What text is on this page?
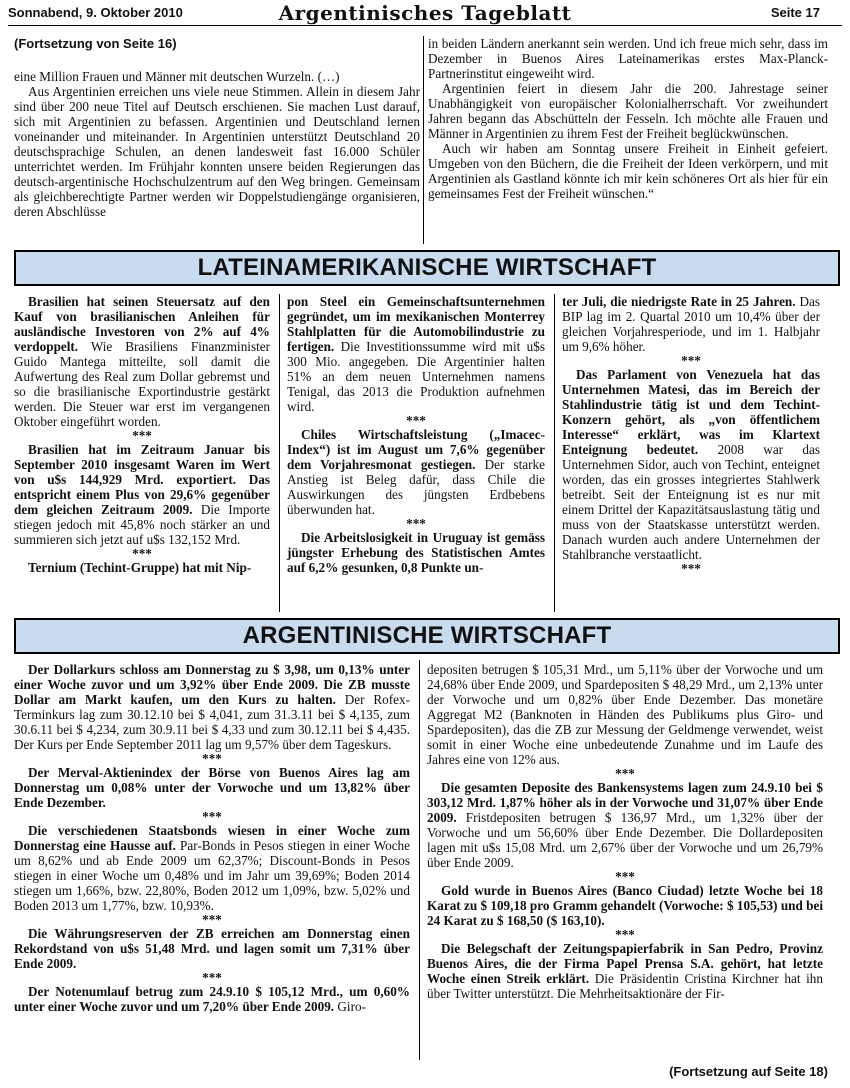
Sonnabend, 9. Oktober 2010	Argentinisches Tageblatt	Seite 17
(Fortsetzung von Seite 16)

eine Million Frauen und Männer mit deutschen Wurzeln. (…)

Aus Argentinien erreichen uns viele neue Stimmen. Allein in diesem Jahr sind über 200 neue Titel auf Deutsch erschienen. Sie machen Lust darauf, sich mit Argentinien zu befassen. Argentinien und Deutschland lernen voneinander und miteinander. In Argentinien unterstützt Deutschland 20 deutschsprachige Schulen, an denen landesweit fast 16.000 Schüler unterrichtet werden. Im Frühjahr konnten unsere beiden Regierungen das deutsch-argentinische Hochschulzentrum auf den Weg bringen. Gemeinsam als gleichberechtigte Partner werden wir Doppelstudiengänge organisieren, deren Abschlüsse

in beiden Ländern anerkannt sein werden. Und ich freue mich sehr, dass im Dezember in Buenos Aires Lateinamerikas erstes Max-Planck-Partnerinstitut eingeweiht wird.

Argentinien feiert in diesem Jahr die 200. Jahrestage seiner Unabhängigkeit von europäischer Kolonialherrschaft. Vor zweihundert Jahren begann das Abschütteln der Fesseln. Ich möchte alle Frauen und Männer in Argentinien zu ihrem Fest der Freiheit beglückwünschen.

Auch wir haben am Sonntag unsere Freiheit in Einheit gefeiert. Umgeben von den Büchern, die die Freiheit der Ideen verkörpern, und mit Argentinien als Gastland könnte ich mir kein schöneres Ort als hier für ein gemeinsames Fest der Freiheit wünschen.“

LATEINAMERIKANISCHE WIRTSCHAFT

Brasilien hat seinen Steuersatz auf den Kauf von brasilianischen Anleihen für ausländische Investoren von 2% auf 4% verdoppelt. Wie Brasiliens Finanzminister Guido Mantega mitteilte, soll damit die Aufwertung des Real zum Dollar gebremst und so die brasilianische Exportindustrie gestärkt werden. Die Steuer war erst im vergangenen Oktober eingeführt worden.

***

Brasilien hat im Zeitraum Januar bis September 2010 insgesamt Waren im Wert von u$s 144,929 Mrd. exportiert. Das entspricht einem Plus von 29,6% gegenüber dem gleichen Zeitraum 2009. Die Importe stiegen jedoch mit 45,8% noch stärker an und summieren sich jetzt auf u$s 132,152 Mrd.

***

Ternium (Techint-Gruppe) hat mit Nip-

pon Steel ein Gemeinschaftsunternehmen gegründet, um im mexikanischen Monterrey Stahlplatten für die Automobilindustrie zu fertigen. Die Investitionssumme wird mit u$s 300 Mio. angegeben. Die Argentinier halten 51% an dem neuen Unternehmen namens Tenigal, das 2013 die Produktion aufnehmen wird.

***

Chiles Wirtschaftsleistung („Imacec-Index“) ist im August um 7,6% gegenüber dem Vorjahresmonat gestiegen. Der starke Anstieg ist Beleg dafür, dass Chile die Auswirkungen des jüngsten Erdbebens überwunden hat.

***

Die Arbeitslosigkeit in Uruguay ist gemäss jüngster Erhebung des Statistischen Amtes auf 6,2% gesunken, 0,8 Punkte un-

ter Juli, die niedrigste Rate in 25 Jahren. Das BIP lag im 2. Quartal 2010 um 10,4% über der gleichen Vorjahresperiode, und im 1. Halbjahr um 9,6% höher.

***

Das Parlament von Venezuela hat das Unternehmen Matesi, das im Bereich der Stahlindustrie tätig ist und dem Techint-Konzern gehört, als „von öffentlichem Interesse“ erklärt, was im Klartext Enteignung bedeutet. 2008 war das Unternehmen Sidor, auch von Techint, enteignet worden, das ein grosses integriertes Stahlwerk betreibt. Seit der Enteignung ist es nur mit einem Drittel der Kapazitätsauslastung tätig und muss von der Staatskasse unterstützt werden. Danach wurden auch andere Unternehmen der Stahlbranche verstaatlicht.

***
ARGENTINISCHE WIRTSCHAFT

Der Dollarkurs schloss am Donnerstag zu $ 3,98, um 0,13% unter einer Woche zuvor und um 3,92% über Ende 2009. Die ZB musste Dollar am Markt kaufen, um den Kurs zu halten. Der Rofex-Terminkurs lag zum 30.12.10 bei $ 4,041, zum 31.3.11 bei $ 4,135, zum 30.6.11 bei $ 4,234, zum 30.9.11 bei $ 4,33 und zum 30.12.11 bei $ 4,435. Der Kurs per Ende September 2011 lag um 9,57% über dem Tageskurs.

***

Der Merval-Aktienindex der Börse von Buenos Aires lag am Donnerstag um 0,08% unter der Vorwoche und um 13,82% über Ende Dezember.

***

Die verschiedenen Staatsbonds wiesen in einer Woche zum Donnerstag eine Hausse auf. Par-Bonds in Pesos stiegen in einer Woche um 8,62% und ab Ende 2009 um 62,37%; Discount-Bonds in Pesos stiegen in einer Woche um 0,48% und im Jahr um 39,69%; Boden 2014 stiegen um 1,66%, bzw. 22,80%, Boden 2012 um 1,09%, bzw. 5,02% und Boden 2013 um 1,77%, bzw. 10,93%.

***

Die Währungsreserven der ZB erreichen am Donnerstag einen Rekordstand von u$s 51,48 Mrd. und lagen somit um 7,31% über Ende 2009.

***

Der Notenumlauf betrug zum 24.9.10 $ 105,12 Mrd., um 0,60% unter einer Woche zuvor und um 7,20% über Ende 2009. Giro-

depositen betrugen $ 105,31 Mrd., um 5,11% über der Vorwoche und um 24,68% über Ende 2009, und Spardepositen $ 48,29 Mrd., um 2,13% unter der Vorwoche und um 0,82% über Ende Dezember. Das monetäre Aggregat M2 (Banknoten in Händen des Publikums plus Giro- und Spardepositen), das die ZB zur Messung der Geldmenge verwendet, weist somit in einer Woche eine unbedeutende Zunahme und im Laufe des Jahres eine von 12% aus.

***

Die gesamten Deposite des Bankensystems lagen zum 24.9.10 bei $ 303,12 Mrd. 1,87% höher als in der Vorwoche und 31,07% über Ende 2009. Fristdepositen betrugen $ 136,97 Mrd., um 1,32% über der Vorwoche und um 56,60% über Ende Dezember. Die Dollardepositen lagen mit u$s 15,08 Mrd. um 2,67% über der Vorwoche und um 26,79% über Ende 2009.

***

Gold wurde in Buenos Aires (Banco Ciudad) letzte Woche bei 18 Karat zu $ 109,18 pro Gramm gehandelt (Vorwoche: $ 105,53) und bei 24 Karat zu $ 168,50 ($ 163,10).

***

Die Belegschaft der Zeitungspapierfabrik in San Pedro, Provinz Buenos Aires, die der Firma Papel Prensa S.A. gehört, hat letzte Woche einen Streik erklärt. Die Präsidentin Cristina Kirchner hat ihn über Twitter unterstützt. Die Mehrheitsaktionäre der Fir-

(Fortsetzung auf Seite 18)
